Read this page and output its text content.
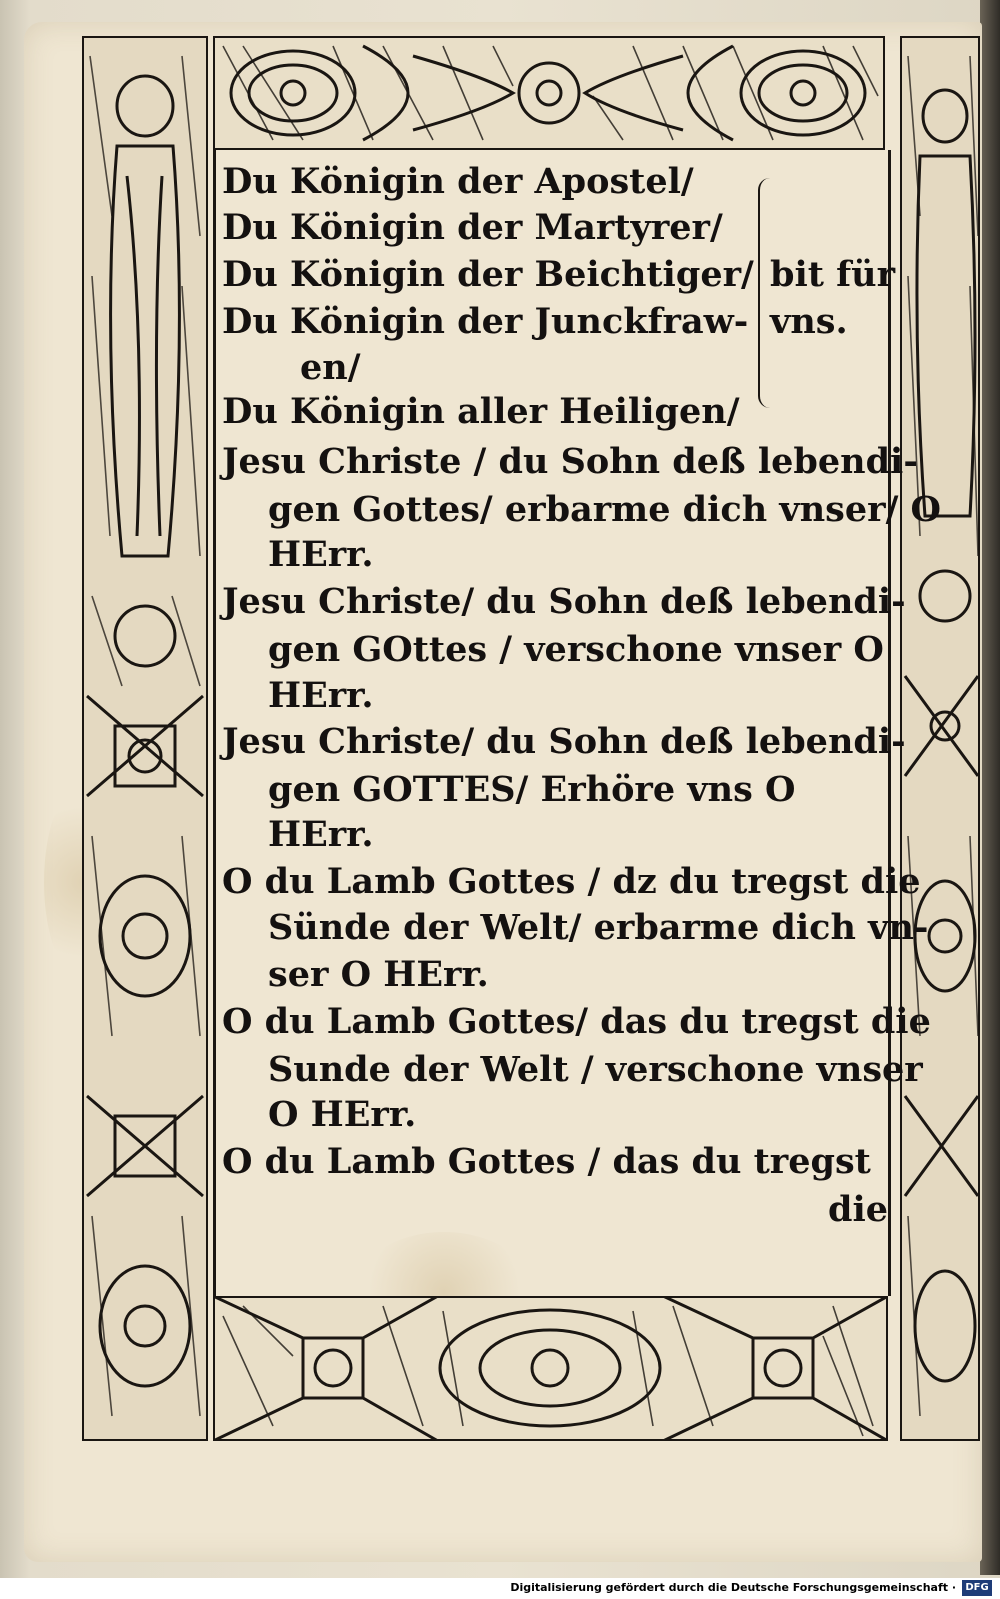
Du Königin der Apostel/
Du Königin der Martyrer/
Du Königin der Beichtiger/
Du Königin der Junckfraw-
en/
bit für
vns.
Du Königin aller Heiligen/
Jesu Christe / du Sohn deß lebendi-
gen Gottes/ erbarme dich vnser/ O
HErr.
Jesu Christe/ du Sohn deß lebendi-
gen GOttes / verschone vnser O
HErr.
Jesu Christe/ du Sohn deß lebendi-
gen GOTTES/ Erhöre vns O
HErr.
O du Lamb Gottes / dz du tregst die
Sünde der Welt/ erbarme dich vn-
ser O HErr.
O du Lamb Gottes/ das du tregst die
Sunde der Welt / verschone vnser
O HErr.
O du Lamb Gottes / das du tregst
die
Digitalisierung gefördert durch die Deutsche Forschungsgemeinschaft · DFG
